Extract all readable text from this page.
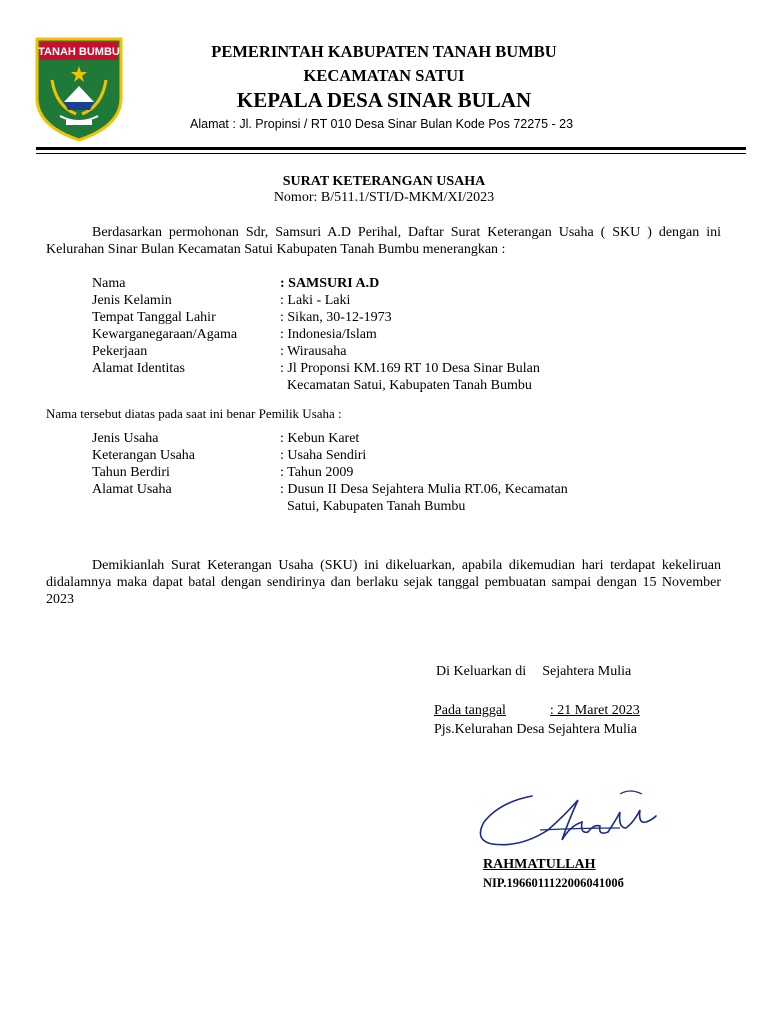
TANAH BUMBU	PEMERINTAH KABUPATEN TANAH BUMBU
KECAMATAN SATUI
KEPALA DESA SINAR BULAN
Alamat : Jl. Propinsi / RT 010 Desa Sinar Bulan Kode Pos 72275 - 23
SURAT KETERANGAN USAHA
Nomor: B/511.1/STI/D-MKM/XI/2023
Berdasarkan permohonan Sdr, Samsuri A.D Perihal, Daftar Surat Keterangan Usaha ( SKU ) dengan ini Kelurahan Sinar Bulan Kecamatan Satui Kabupaten Tanah Bumbu menerangkan :
Nama	: SAMSURI A.D
Jenis Kelamin	: Laki - Laki
Tempat Tanggal Lahir	: Sikan, 30-12-1973
Kewarganegaraan/Agama	: Indonesia/Islam
Pekerjaan	: Wirausaha
Alamat Identitas	: Jl Proponsi KM.169 RT 10 Desa Sinar Bulan
Kecamatan Satui, Kabupaten Tanah Bumbu
Nama tersebut diatas pada saat ini benar Pemilik Usaha :
Jenis Usaha	: Kebun Karet
Keterangan Usaha	: Usaha Sendiri
Tahun Berdiri	: Tahun 2009
Alamat Usaha	: Dusun II Desa Sejahtera Mulia RT.06, Kecamatan
Satui, Kabupaten Tanah Bumbu
Demikianlah Surat Keterangan Usaha (SKU) ini dikeluarkan, apabila dikemudian hari terdapat kekeliruan didalamnya maka dapat batal dengan sendirinya dan berlaku sejak tanggal pembuatan sampai dengan 15 November 2023
Di Keluarkan di Sejahtera Mulia
Pada tanggal	: 21 Maret 2023
Pjs.Kelurahan Desa Sejahtera Mulia
RAHMATULLAH
NIP.196601112200604100б
